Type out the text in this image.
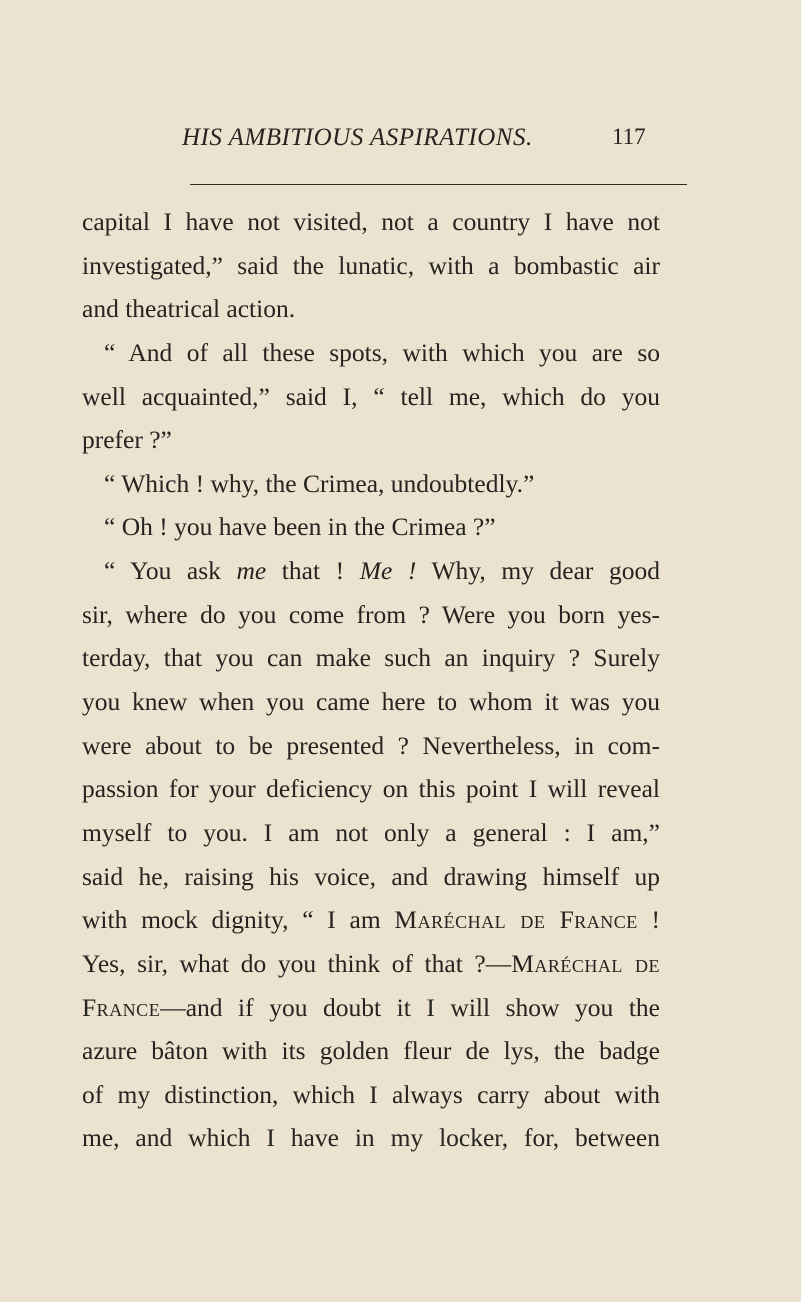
HIS AMBITIOUS ASPIRATIONS.	117
capital I have not visited, not a country I have not
investigated,” said the lunatic, with a bombastic air
and theatrical action.
“ And of all these spots, with which you are so
well acquainted,” said I, “ tell me, which do you
prefer ?”
“ Which ! why, the Crimea, undoubtedly.”
“ Oh ! you have been in the Crimea ?”
“ You ask me that ! Me ! Why, my dear good
sir, where do you come from ? Were you born yes-
terday, that you can make such an inquiry ? Surely
you knew when you came here to whom it was you
were about to be presented ? Nevertheless, in com-
passion for your deficiency on this point I will reveal
myself to you. I am not only a general : I am,”
said he, raising his voice, and drawing himself up
with mock dignity, “ I am Maréchal de France !
Yes, sir, what do you think of that ?—Maréchal de
France—and if you doubt it I will show you the
azure bâton with its golden fleur de lys, the badge
of my distinction, which I always carry about with
me, and which I have in my locker, for, between
